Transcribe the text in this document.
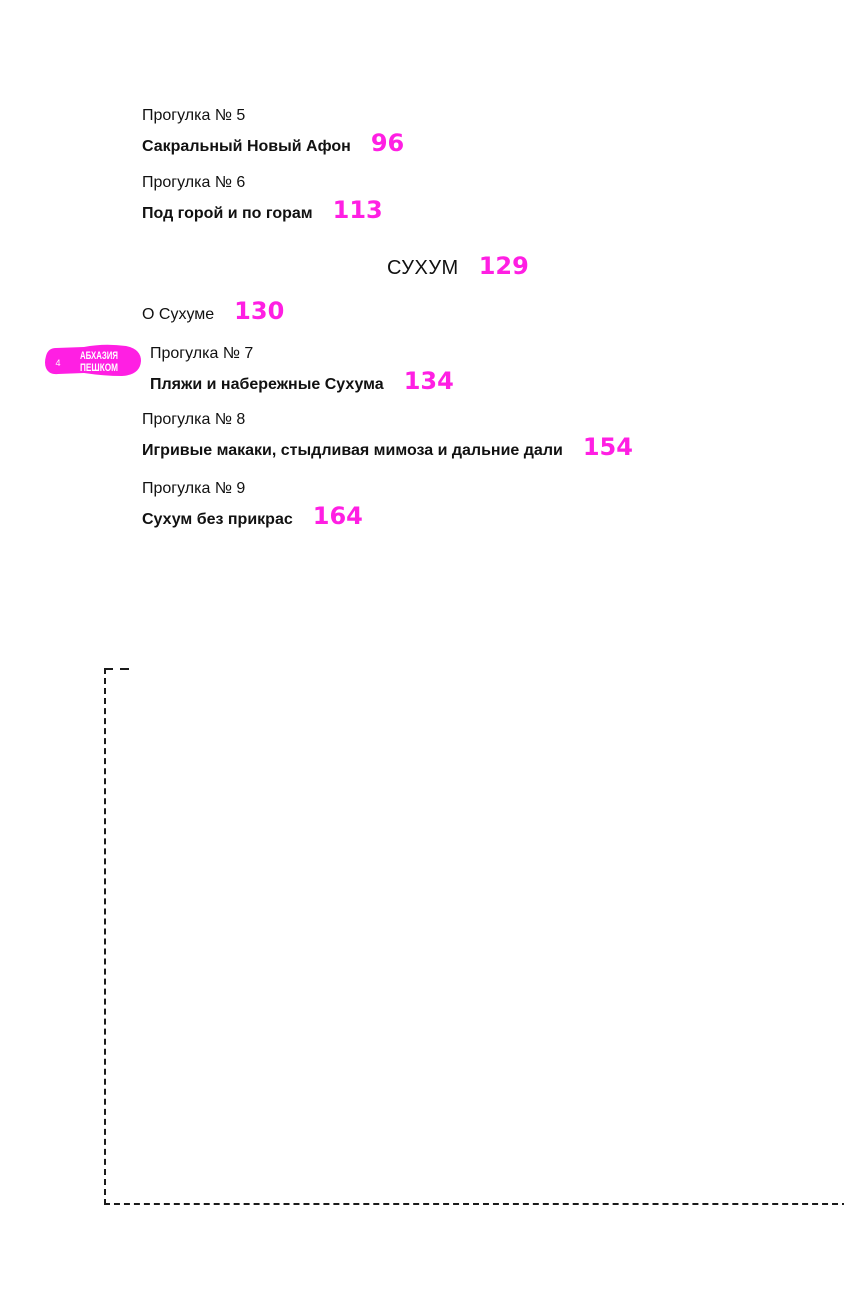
Прогулка № 5
Сакральный Новый Афон 96
Прогулка № 6
Под горой и по горам 113
СУХУМ 129
О Сухуме 130
4
АБХАЗИЯ
ПЕШКОМ
Прогулка № 7
Пляжи и набережные Сухума 134
Прогулка № 8
Игривые макаки, стыдливая мимоза и дальние дали 154
Прогулка № 9
Сухум без прикрас 164
